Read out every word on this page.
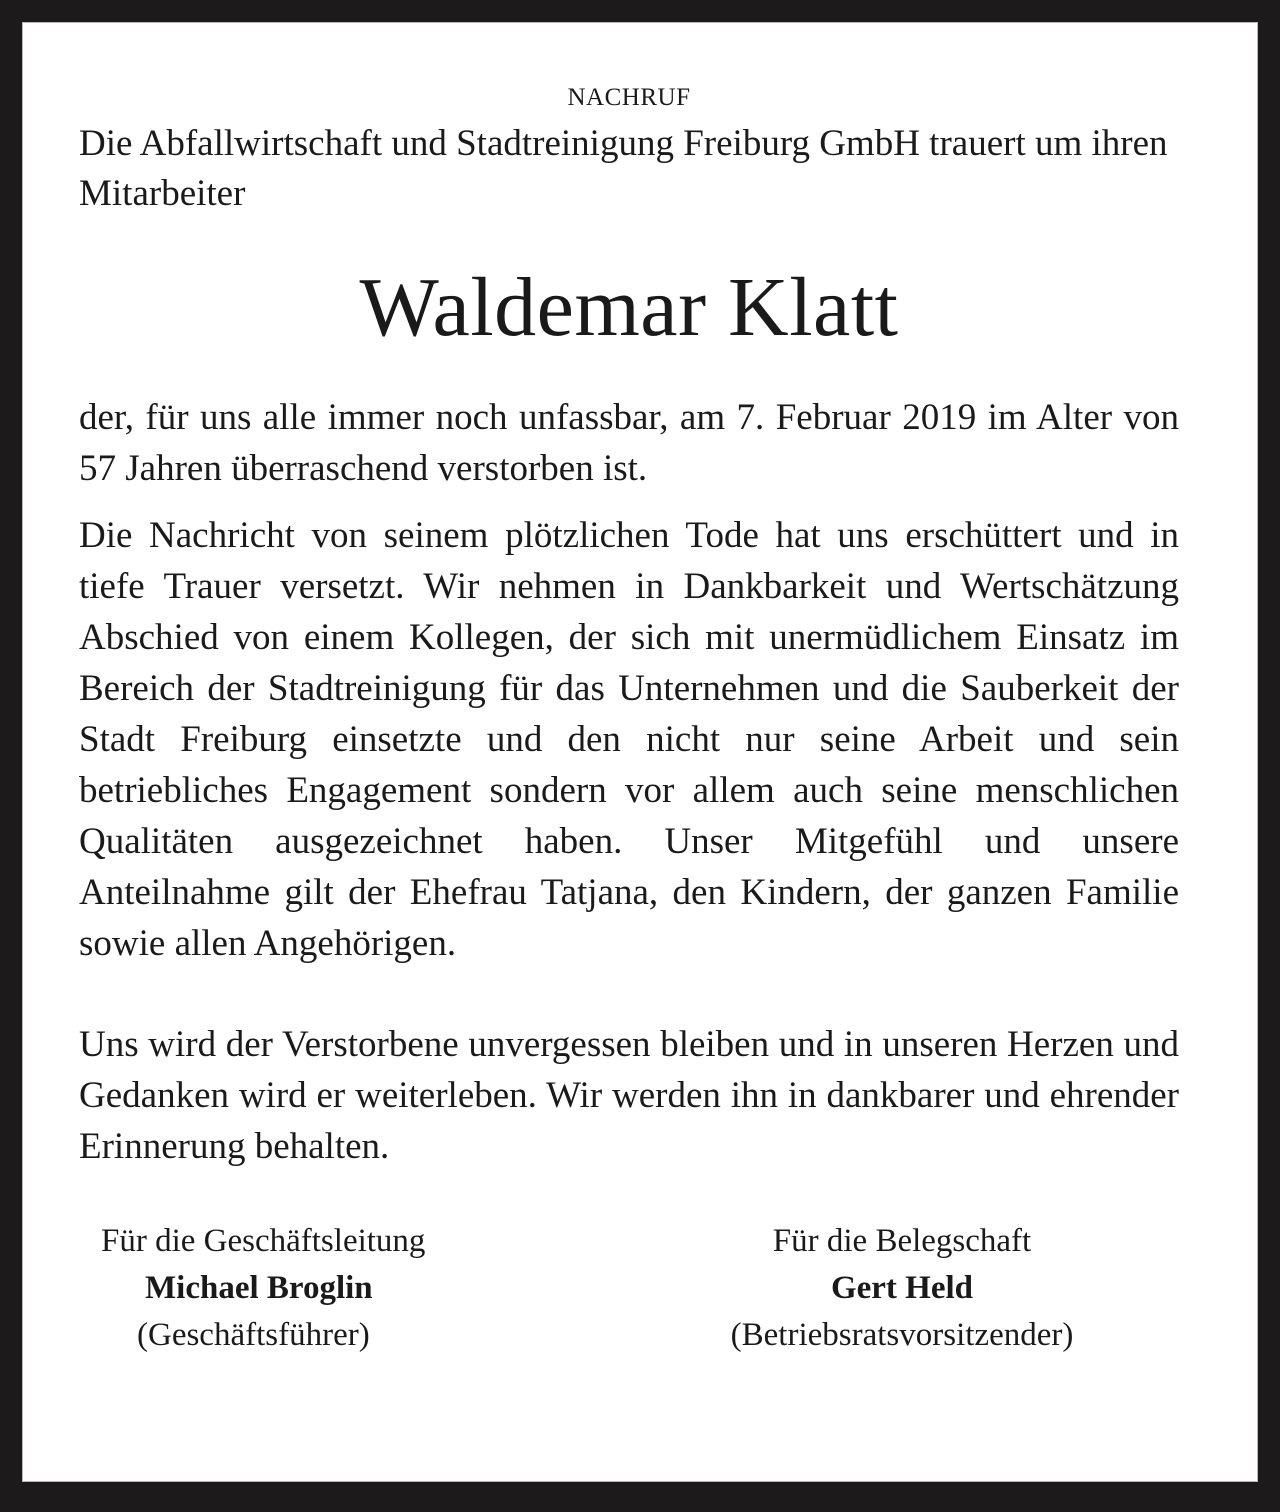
nachruf

Die Abfallwirtschaft und Stadtreinigung Freiburg GmbH trauert um ihren Mitarbeiter

Waldemar Klatt

der, für uns alle immer noch unfassbar, am 7. Februar 2019 im Alter von 57 Jahren überraschend verstorben ist.

Die Nachricht von seinem plötzlichen Tode hat uns erschüttert und in tiefe Trauer versetzt. Wir nehmen in Dankbarkeit und Wertschätzung Abschied von einem Kollegen, der sich mit unermüdlichem Einsatz im Bereich der Stadtreinigung für das Unternehmen und die Sauberkeit der Stadt Freiburg einsetzte und den nicht nur seine Arbeit und sein betriebliches Engagement sondern vor allem auch seine menschlichen Qualitäten ausgezeichnet haben. Unser Mitgefühl und unsere Anteilnahme gilt der Ehefrau Tatjana, den Kindern, der ganzen Familie sowie allen Angehörigen.

Uns wird der Verstorbene unvergessen bleiben und in unseren Herzen und Gedanken wird er weiterleben. Wir werden ihn in dankbarer und ehrender Erinnerung behalten.

Für die Geschäftsleitung
Michael Broglin
(Geschäftsführer)
Für die Belegschaft
Gert Held
(Betriebsratsvorsitzender)
